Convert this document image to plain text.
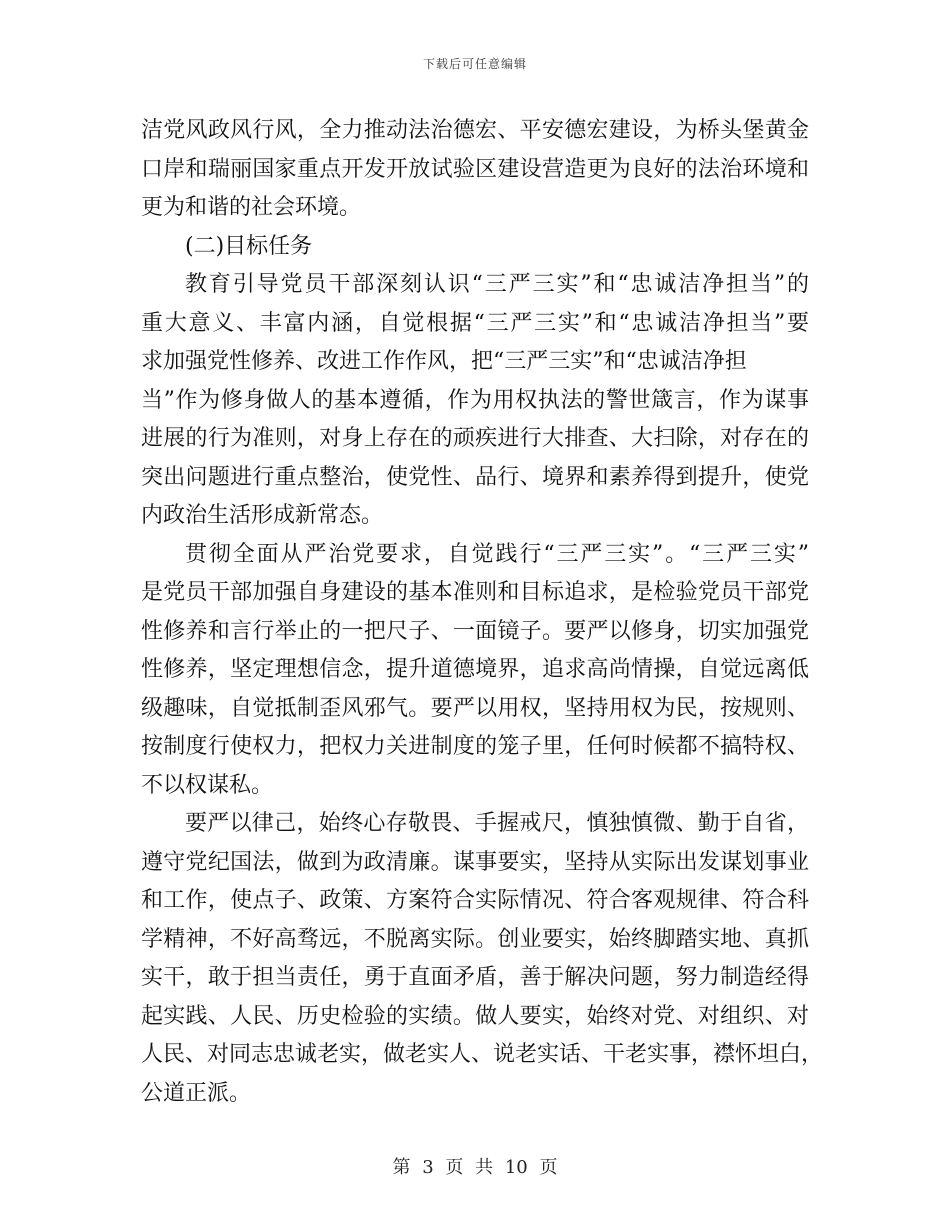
下载后可任意编辑
洁党风政风行风，全力推动法治德宏、平安德宏建设，为桥头堡黄金
口岸和瑞丽国家重点开发开放试验区建设营造更为良好的法治环境和
更为和谐的社会环境。
(二)目标任务
教育引导党员干部深刻认识“三严三实”和“忠诚洁净担当”的
重大意义、丰富内涵，自觉根据“三严三实”和“忠诚洁净担当”要
求加强党性修养、改进工作作风，把“三严三实”和“忠诚洁净担
当”作为修身做人的基本遵循，作为用权执法的警世箴言，作为谋事
进展的行为准则，对身上存在的顽疾进行大排查、大扫除，对存在的
突出问题进行重点整治，使党性、品行、境界和素养得到提升，使党
内政治生活形成新常态。
贯彻全面从严治党要求，自觉践行“三严三实”。“三严三实”
是党员干部加强自身建设的基本准则和目标追求，是检验党员干部党
性修养和言行举止的一把尺子、一面镜子。要严以修身，切实加强党
性修养，坚定理想信念，提升道德境界，追求高尚情操，自觉远离低
级趣味，自觉抵制歪风邪气。要严以用权，坚持用权为民，按规则、
按制度行使权力，把权力关进制度的笼子里，任何时候都不搞特权、
不以权谋私。
要严以律己，始终心存敬畏、手握戒尺，慎独慎微、勤于自省，
遵守党纪国法，做到为政清廉。谋事要实，坚持从实际出发谋划事业
和工作，使点子、政策、方案符合实际情况、符合客观规律、符合科
学精神，不好高骛远，不脱离实际。创业要实，始终脚踏实地、真抓
实干，敢于担当责任，勇于直面矛盾，善于解决问题，努力制造经得
起实践、人民、历史检验的实绩。做人要实，始终对党、对组织、对
人民、对同志忠诚老实，做老实人、说老实话、干老实事，襟怀坦白，
公道正派。
第 3 页 共 10 页
